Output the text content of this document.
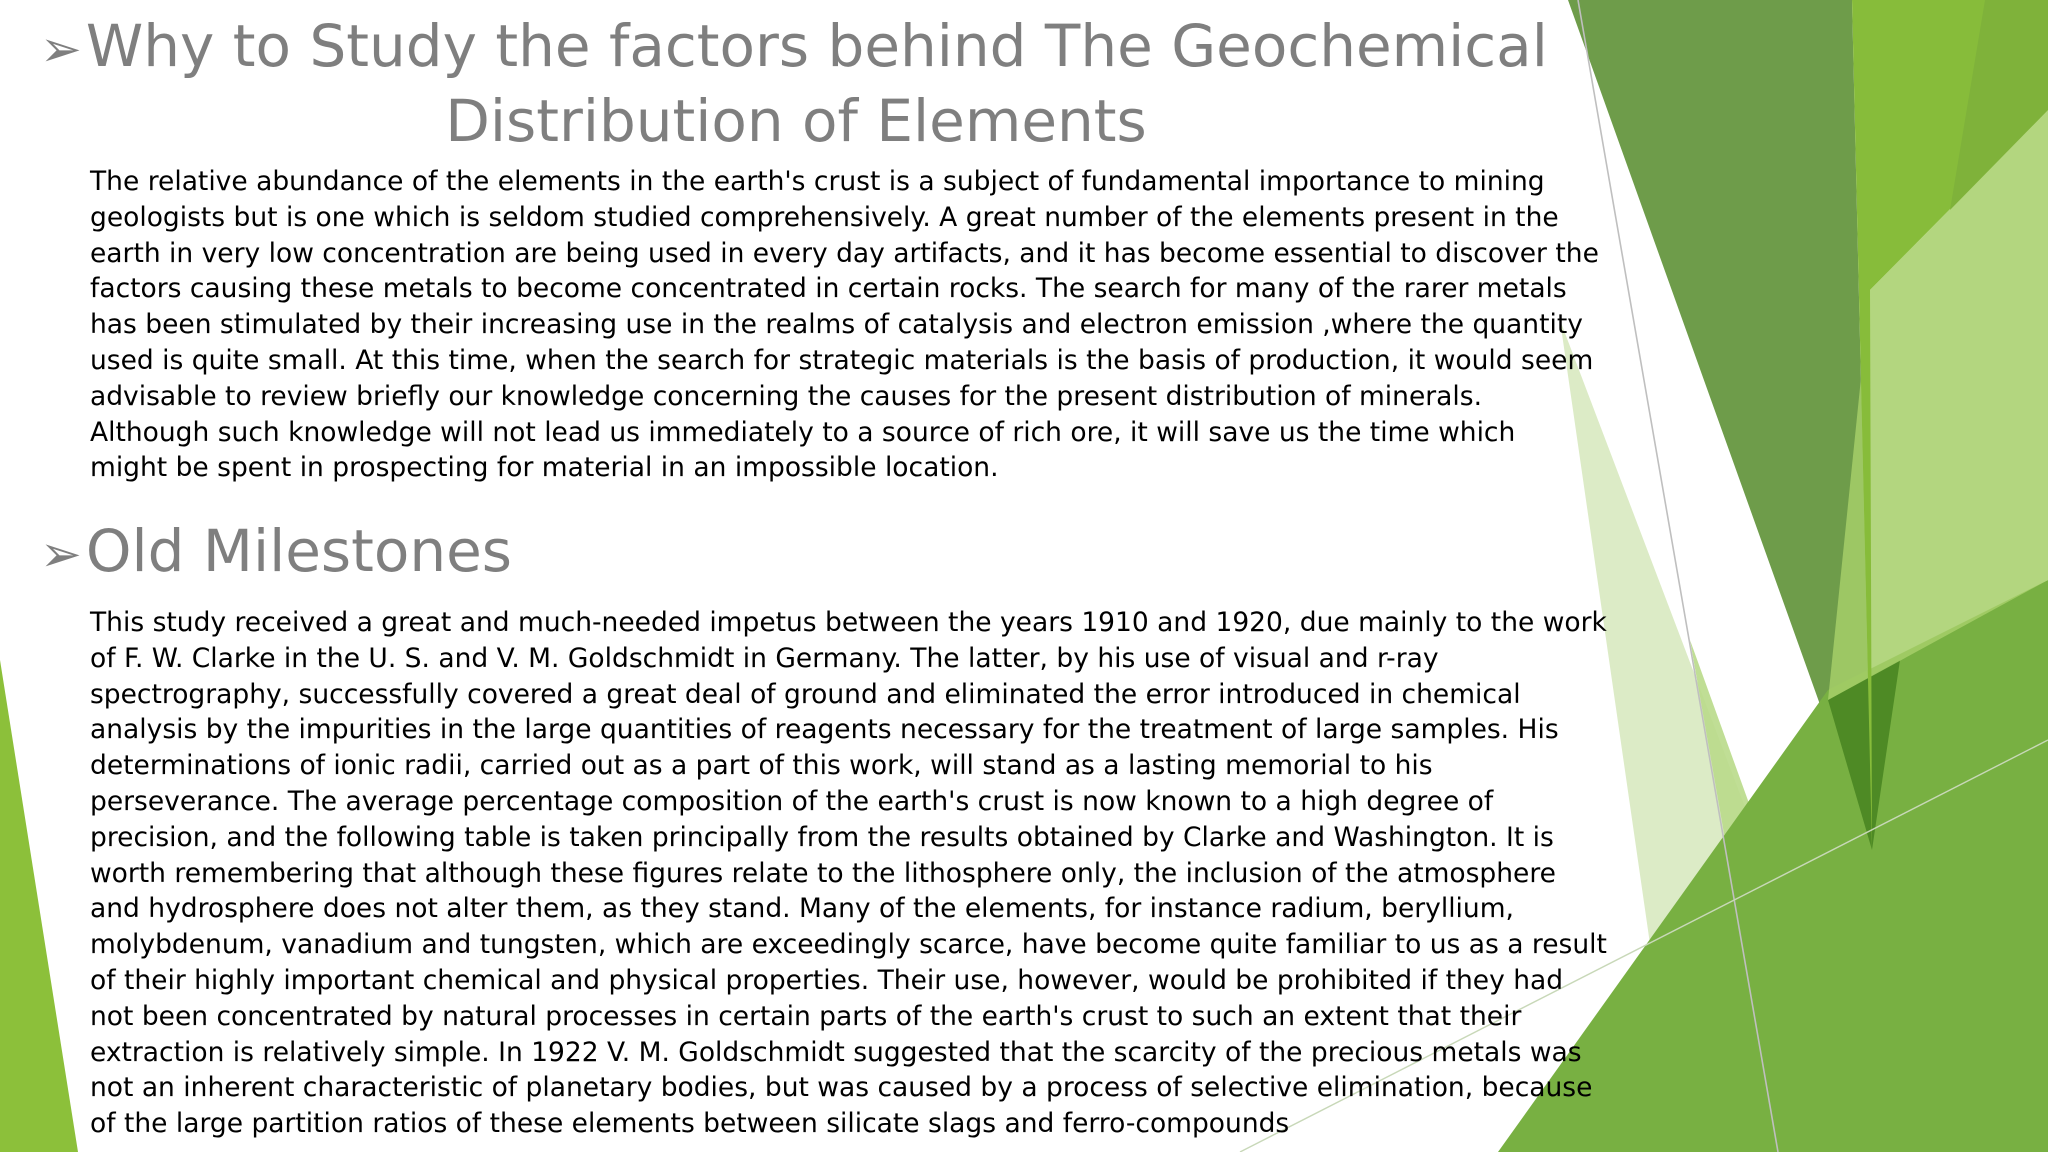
➢Why to Study the factors behind The Geochemical
Distribution of Elements

The relative abundance of the elements in the earth's crust is a subject of fundamental importance to mining
geologists but is one which is seldom studied comprehensively. A great number of the elements present in the
earth in very low concentration are being used in every day artifacts, and it has become essential to discover the
factors causing these metals to become concentrated in certain rocks. The search for many of the rarer metals
has been stimulated by their increasing use in the realms of catalysis and electron emission ,where the quantity
used is quite small. At this time, when the search for strategic materials is the basis of production, it would seem
advisable to review briefly our knowledge concerning the causes for the present distribution of minerals.
Although such knowledge will not lead us immediately to a source of rich ore, it will save us the time which
might be spent in prospecting for material in an impossible location.

➢Old Milestones

This study received a great and much-needed impetus between the years 1910 and 1920, due mainly to the work
of F. W. Clarke in the U. S. and V. M. Goldschmidt in Germany. The latter, by his use of visual and r-ray
spectrography, successfully covered a great deal of ground and eliminated the error introduced in chemical
analysis by the impurities in the large quantities of reagents necessary for the treatment of large samples. His
determinations of ionic radii, carried out as a part of this work, will stand as a lasting memorial to his
perseverance. The average percentage composition of the earth's crust is now known to a high degree of
precision, and the following table is taken principally from the results obtained by Clarke and Washington. It is
worth remembering that although these figures relate to the lithosphere only, the inclusion of the atmosphere
and hydrosphere does not alter them, as they stand. Many of the elements, for instance radium, beryllium,
molybdenum, vanadium and tungsten, which are exceedingly scarce, have become quite familiar to us as a result
of their highly important chemical and physical properties. Their use, however, would be prohibited if they had
not been concentrated by natural processes in certain parts of the earth's crust to such an extent that their
extraction is relatively simple. In 1922 V. M. Goldschmidt suggested that the scarcity of the precious metals was
not an inherent characteristic of planetary bodies, but was caused by a process of selective elimination, because
of the large partition ratios of these elements between silicate slags and ferro-compounds
